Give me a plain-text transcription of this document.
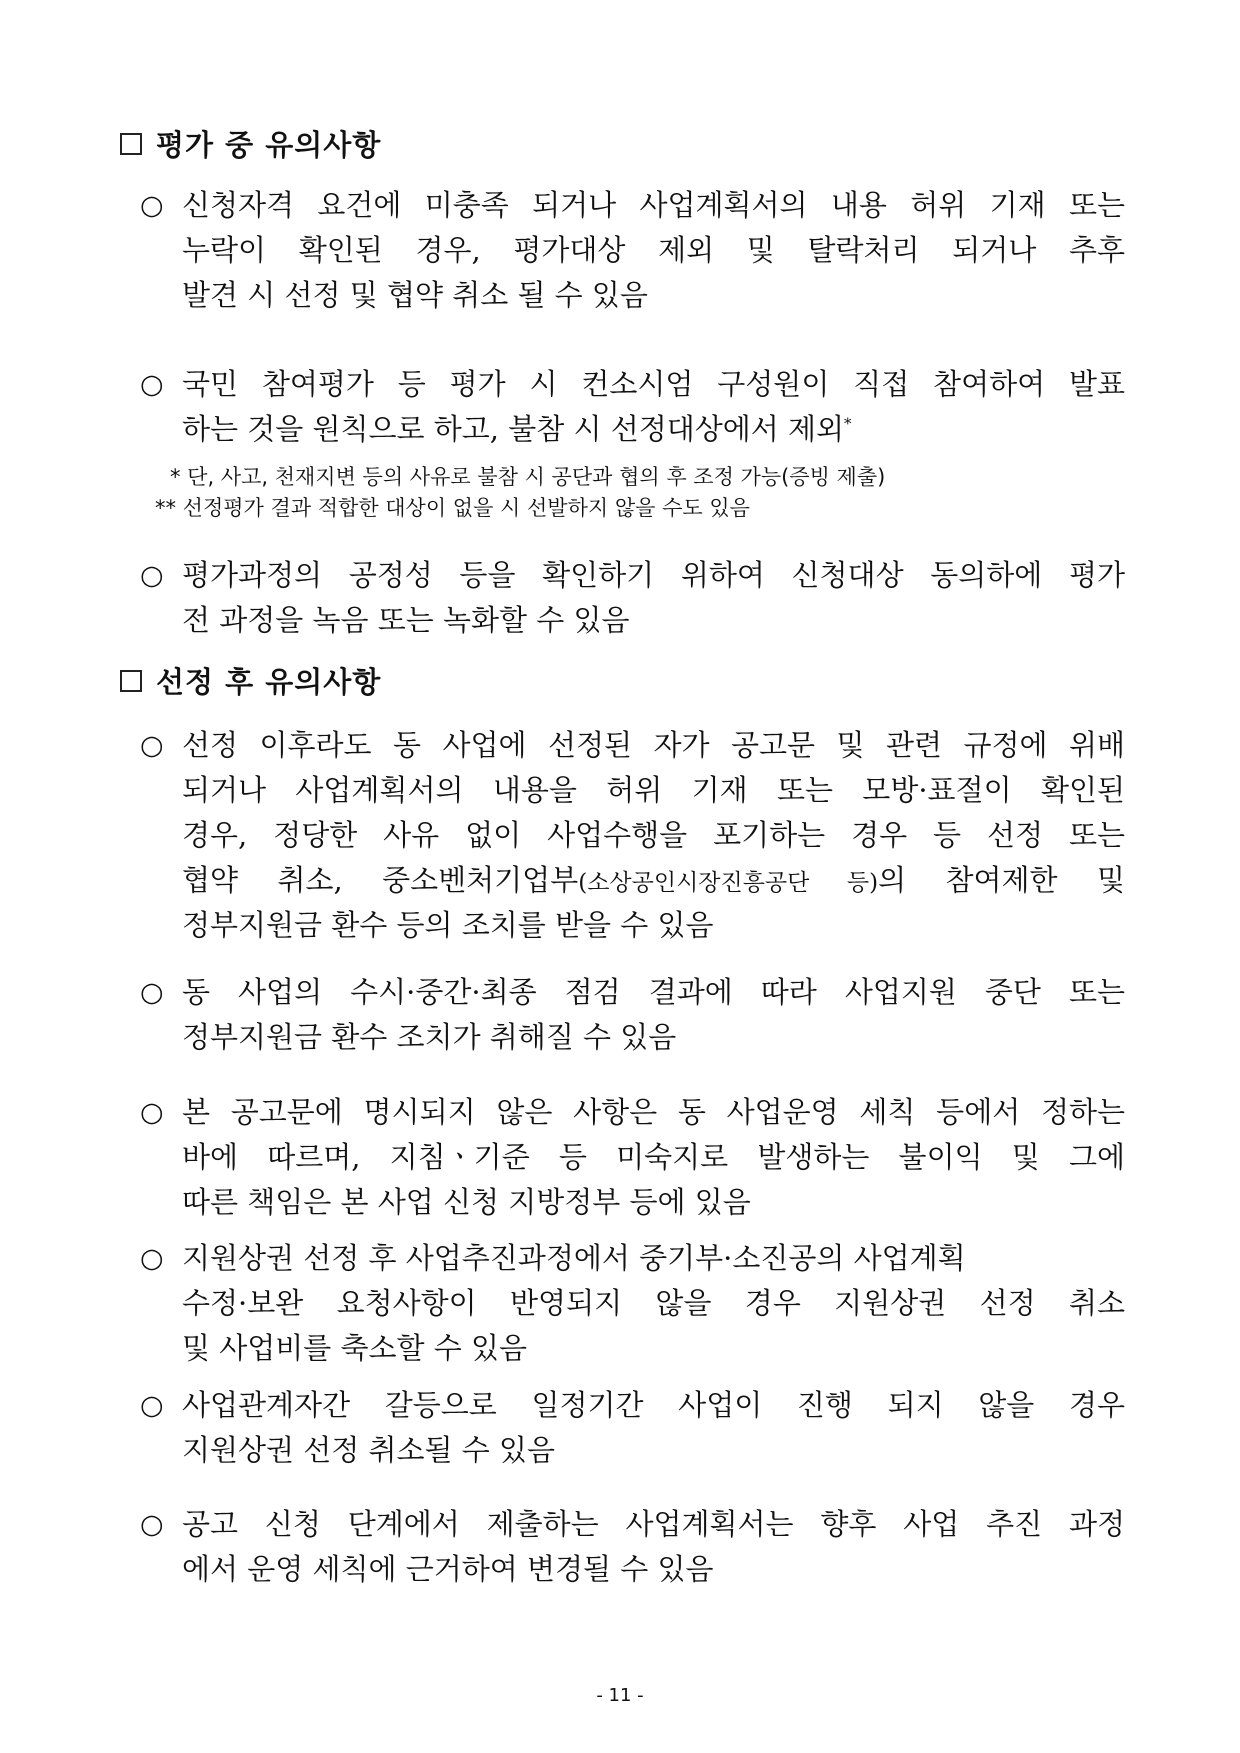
평가 중 유의사항
○ 신청자격 요건에 미충족 되거나 사업계획서의 내용 허위 기재 또는
누락이 확인된 경우, 평가대상 제외 및 탈락처리 되거나 추후
발견 시 선정 및 협약 취소 될 수 있음
○ 국민 참여평가 등 평가 시 컨소시엄 구성원이 직접 참여하여 발표
하는 것을 원칙으로 하고, 불참 시 선정대상에서 제외*
* 단, 사고, 천재지변 등의 사유로 불참 시 공단과 협의 후 조정 가능(증빙 제출)
** 선정평가 결과 적합한 대상이 없을 시 선발하지 않을 수도 있음
○ 평가과정의 공정성 등을 확인하기 위하여 신청대상 동의하에 평가
전 과정을 녹음 또는 녹화할 수 있음
선정 후 유의사항
○ 선정 이후라도 동 사업에 선정된 자가 공고문 및 관련 규정에 위배
되거나 사업계획서의 내용을 허위 기재 또는 모방·표절이 확인된
경우, 정당한 사유 없이 사업수행을 포기하는 경우 등 선정 또는
협약 취소, 중소벤처기업부(소상공인시장진흥공단 등)의 참여제한 및
정부지원금 환수 등의 조치를 받을 수 있음
○ 동 사업의 수시·중간·최종 점검 결과에 따라 사업지원 중단 또는
정부지원금 환수 조치가 취해질 수 있음
○ 본 공고문에 명시되지 않은 사항은 동 사업운영 세칙 등에서 정하는
바에 따르며, 지침ㆍ기준 등 미숙지로 발생하는 불이익 및 그에
따른 책임은 본 사업 신청 지방정부 등에 있음
○ 지원상권 선정 후 사업추진과정에서 중기부·소진공의 사업계획
수정·보완 요청사항이 반영되지 않을 경우 지원상권 선정 취소
및 사업비를 축소할 수 있음
○ 사업관계자간 갈등으로 일정기간 사업이 진행 되지 않을 경우
지원상권 선정 취소될 수 있음
○ 공고 신청 단계에서 제출하는 사업계획서는 향후 사업 추진 과정
에서 운영 세칙에 근거하여 변경될 수 있음
- 11 -
